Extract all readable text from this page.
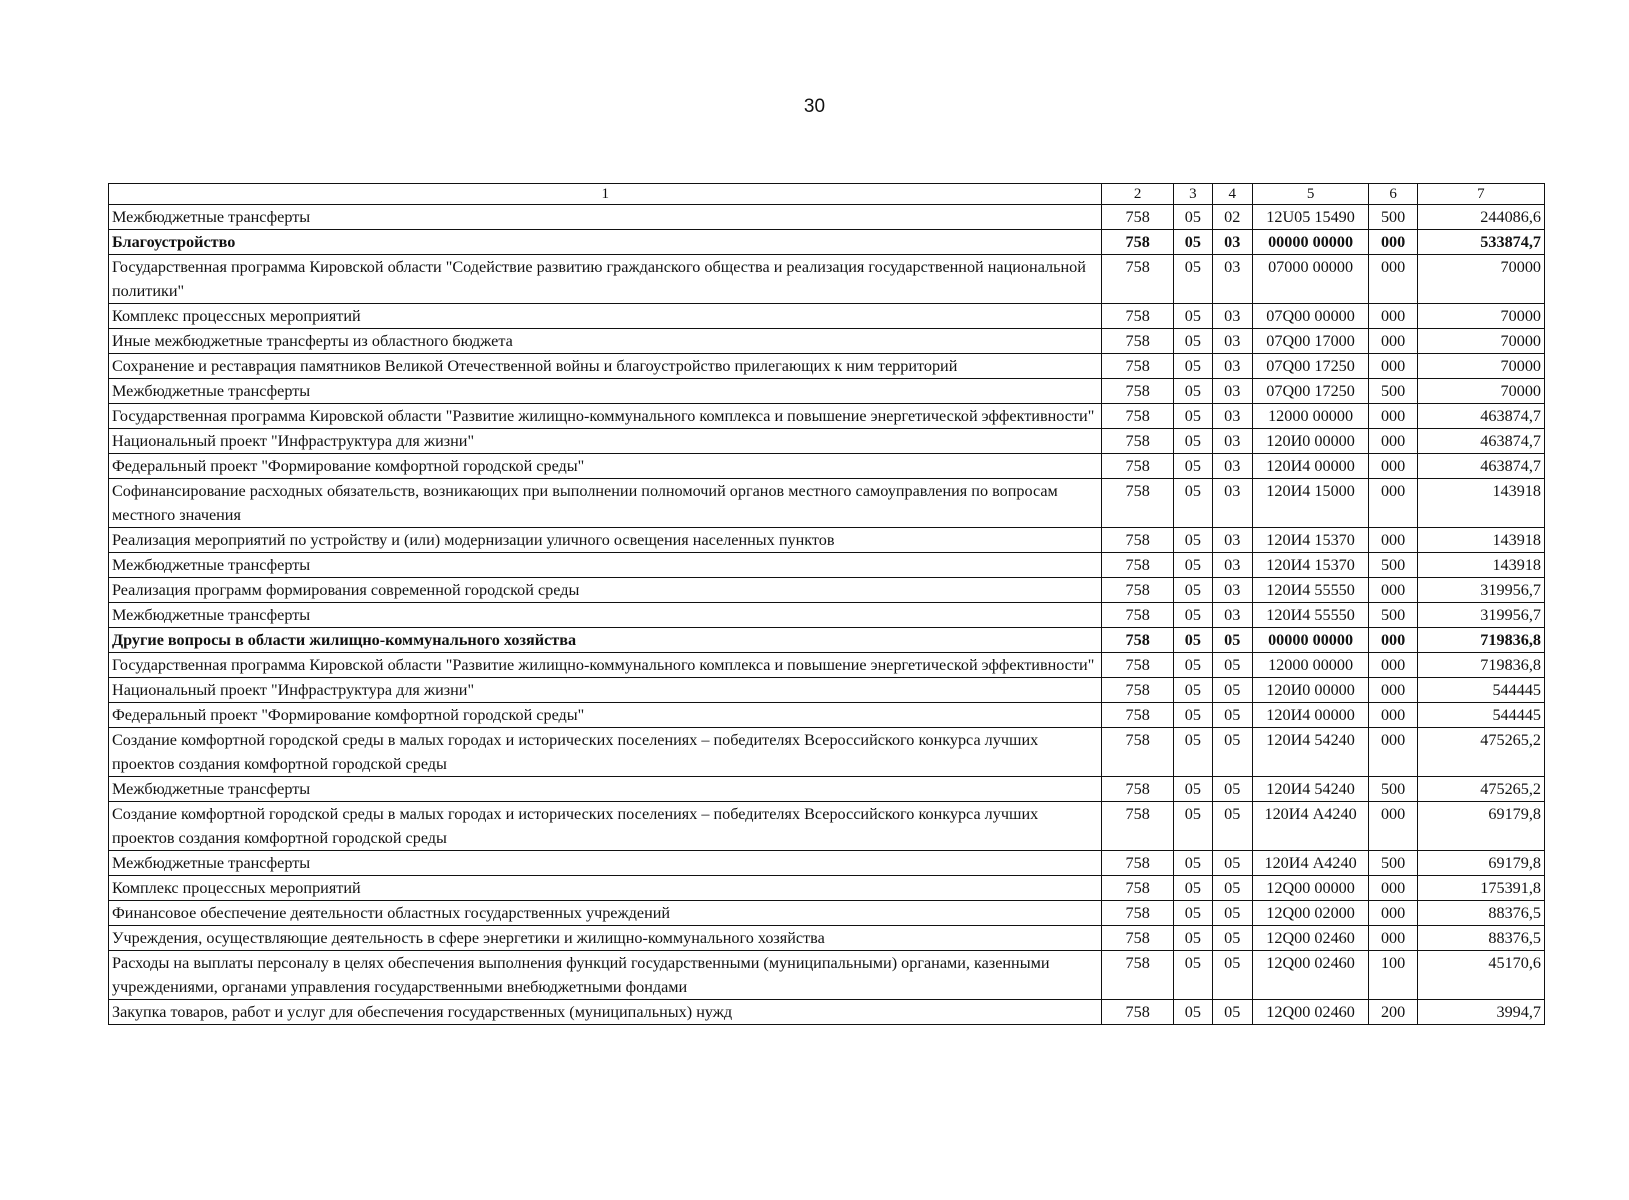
30
1	2	3	4	5	6	7
Межбюджетные трансферты	758	05	02	12U05 15490	500	244086,6
Благоустройство	758	05	03	00000 00000	000	533874,7
Государственная программа Кировской области "Содействие развитию гражданского общества и реализация государственной национальной политики"	758	05	03	07000 00000	000	70000
Комплекс процессных мероприятий	758	05	03	07Q00 00000	000	70000
Иные межбюджетные трансферты из областного бюджета	758	05	03	07Q00 17000	000	70000
Сохранение и реставрация памятников Великой Отечественной войны и благоустройство прилегающих к ним территорий	758	05	03	07Q00 17250	000	70000
Межбюджетные трансферты	758	05	03	07Q00 17250	500	70000
Государственная программа Кировской области "Развитие жилищно-коммунального комплекса и повышение энергетической эффективности"	758	05	03	12000 00000	000	463874,7
Национальный проект "Инфраструктура для жизни"	758	05	03	120И0 00000	000	463874,7
Федеральный проект "Формирование комфортной городской среды"	758	05	03	120И4 00000	000	463874,7
Софинансирование расходных обязательств, возникающих при выполнении полномочий органов местного самоуправления по вопросам местного значения	758	05	03	120И4 15000	000	143918
Реализация мероприятий по устройству и (или) модернизации уличного освещения населенных пунктов	758	05	03	120И4 15370	000	143918
Межбюджетные трансферты	758	05	03	120И4 15370	500	143918
Реализация программ формирования современной городской среды	758	05	03	120И4 55550	000	319956,7
Межбюджетные трансферты	758	05	03	120И4 55550	500	319956,7
Другие вопросы в области жилищно-коммунального хозяйства	758	05	05	00000 00000	000	719836,8
Государственная программа Кировской области "Развитие жилищно-коммунального комплекса и повышение энергетической эффективности"	758	05	05	12000 00000	000	719836,8
Национальный проект "Инфраструктура для жизни"	758	05	05	120И0 00000	000	544445
Федеральный проект "Формирование комфортной городской среды"	758	05	05	120И4 00000	000	544445
Создание комфортной городской среды в малых городах и исторических поселениях – победителях Всероссийского конкурса лучших проектов создания комфортной городской среды	758	05	05	120И4 54240	000	475265,2
Межбюджетные трансферты	758	05	05	120И4 54240	500	475265,2
Создание комфортной городской среды в малых городах и исторических поселениях – победителях Всероссийского конкурса лучших проектов создания комфортной городской среды	758	05	05	120И4 А4240	000	69179,8
Межбюджетные трансферты	758	05	05	120И4 А4240	500	69179,8
Комплекс процессных мероприятий	758	05	05	12Q00 00000	000	175391,8
Финансовое обеспечение деятельности областных государственных учреждений	758	05	05	12Q00 02000	000	88376,5
Учреждения, осуществляющие деятельность в сфере энергетики и жилищно-коммунального хозяйства	758	05	05	12Q00 02460	000	88376,5
Расходы на выплаты персоналу в целях обеспечения выполнения функций государственными (муниципальными) органами, казенными учреждениями, органами управления государственными внебюджетными фондами	758	05	05	12Q00 02460	100	45170,6
Закупка товаров, работ и услуг для обеспечения государственных (муниципальных) нужд	758	05	05	12Q00 02460	200	3994,7
